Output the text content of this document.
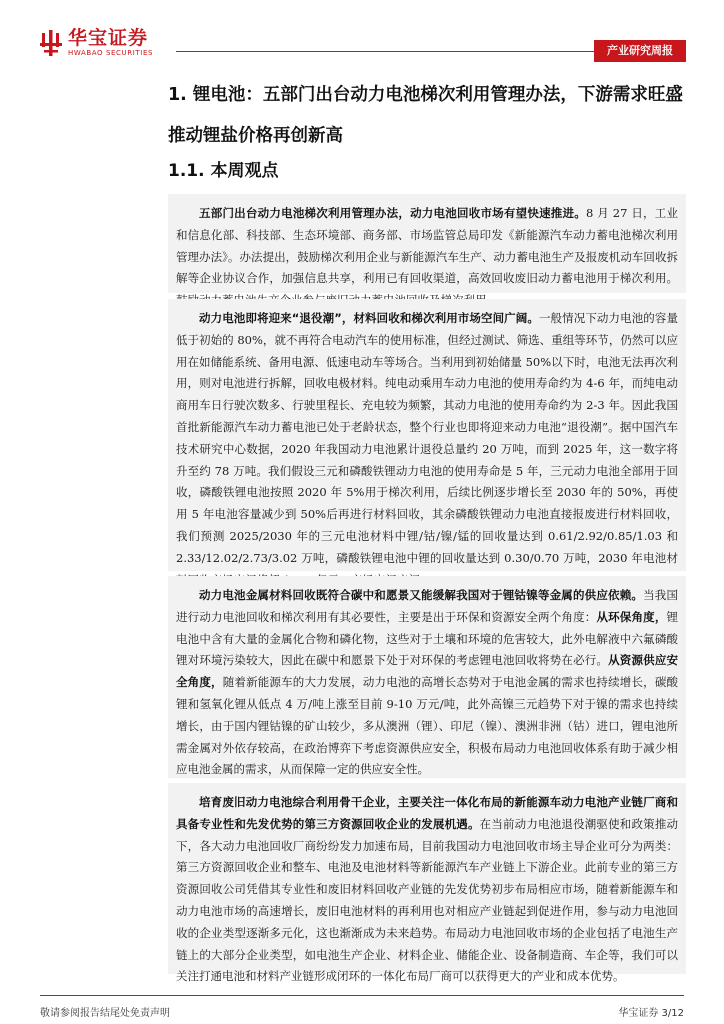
华宝证券
HWABAO SECURITIES	产业研究周报
1. 锂电池：五部门出台动力电池梯次利用管理办法，下游需求旺盛推动锂盐价格再创新高
1.1. 本周观点
五部门出台动力电池梯次利用管理办法，动力电池回收市场有望快速推进。8 月 27 日，工业和信息化部、科技部、生态环境部、商务部、市场监管总局印发《新能源汽车动力蓄电池梯次利用管理办法》。办法提出，鼓励梯次利用企业与新能源汽车生产、动力蓄电池生产及报废机动车回收拆解等企业协议合作，加强信息共享，利用已有回收渠道，高效回收废旧动力蓄电池用于梯次利用。
动力电池即将迎来“退役潮”，材料回收和梯次利用市场空间广阔。一般情况下动力电池的容量低于初始的 80%，就不再符合电动汽车的使用标准，但经过测试、筛选、重组等环节，仍然可以应用在如储能系统、备用电源、低速电动车等场合。当利用到初始储量 50%以下时，电池无法再次利用，则对电池进行拆解，回收电极材料。纯电动乘用车动力电池的使用寿命约为 4-6 年，而纯电动商用车日行驶次数多、行驶里程长、充电较为频繁，其动力电池的使用寿命约为 2-3 年。因此我国首批新能源汽车动力蓄电池已处于老龄状态，整个行业也即将迎来动力电池“退役潮”。据中国汽车技术研究中心数据，2020 年我国动力电池累计退役总量约 20 万吨，而到 2025 年，这一数字将升至约 78 万吨。我们假设三元和磷酸铁锂动力电池的使用寿命是 5 年，三元动力电池全部用于回收，磷酸铁锂电池按照 2020 年 5%用于梯次利用，后续比例逐步增长至 2030 年的 50%，再使用 5 年电池容量减少到 50%后再进行材料回收，其余磷酸铁锂动力电池直接报废进行材料回收，我们预测 2025/2030 年的三元电池材料中锂/钴/镍/锰的回收量达到 0.61/2.92/0.85/1.03 和 2.33/12.02/2.73/3.02 万吨，磷酸铁锂电池中锂的回收量达到 0.30/0.70 万吨，2030 年电池材
动力电池金属材料回收既符合碳中和愿景又能缓解我国对于锂钴镍等金属的供应依赖。当我国进行动力电池回收和梯次利用有其必要性，主要是出于环保和资源安全两个角度：从环保角度，锂电池中含有大量的金属化合物和磷化物，这些对于土壤和环境的危害较大，此外电解液中六氟磷酸锂对环境污染较大，因此在碳中和愿景下处于对环保的考虑锂电池回收将势在必行。从资源供应安全角度，随着新能源车的大力发展，动力电池的高增长态势对于电池金属的需求也持续增长，碳酸锂和氢氧化锂从低点 4 万/吨上涨至目前 9-10 万元/吨，此外高镍三元趋势下对于镍的需求也持续增长，由于国内锂钴镍的矿山较少，多从澳洲（锂）、印尼（镍）、澳洲非洲（钴）进口，锂电池所需金属对外依存较高，在政治博弈下考虑资源供应安全，积极布局动力电池回收体系有助于减少相应电池金属的需求，从而保障一定的供应安全性。
培育废旧动力电池综合利用骨干企业，主要关注一体化布局的新能源车动力电池产业链厂商和具备专业性和先发优势的第三方资源回收企业的发展机遇。在当前动力电池退役潮驱使和政策推动下，各大动力电池回收厂商纷纷发力加速布局，目前我国动力电池回收市场主导企业可分为两类：第三方资源回收企业和整车、电池及电池材料等新能源汽车产业链上下游企业。此前专业的第三方资源回收公司凭借其专业性和废旧材料回收产业链的先发优势初步布局相应市场，随着新能源车和动力电池市场的高速增长，废旧电池材料的再利用也对相应产业链起到促进作用，参与动力电池回收的企业类型逐渐多元化，这也渐渐成为未来趋势。布局动力电池回收市场的企业包括了电池生产链上的大部分企业类型，如电池生产企业、材料企业、储能企业、设备制造商、车企等，我们可以关注打通电池和材料产业链形成闭环的一体化布局厂商可以获得更大的产业和成本优势。
敬请参阅报告结尾处免责声明	华宝证券 3/12
